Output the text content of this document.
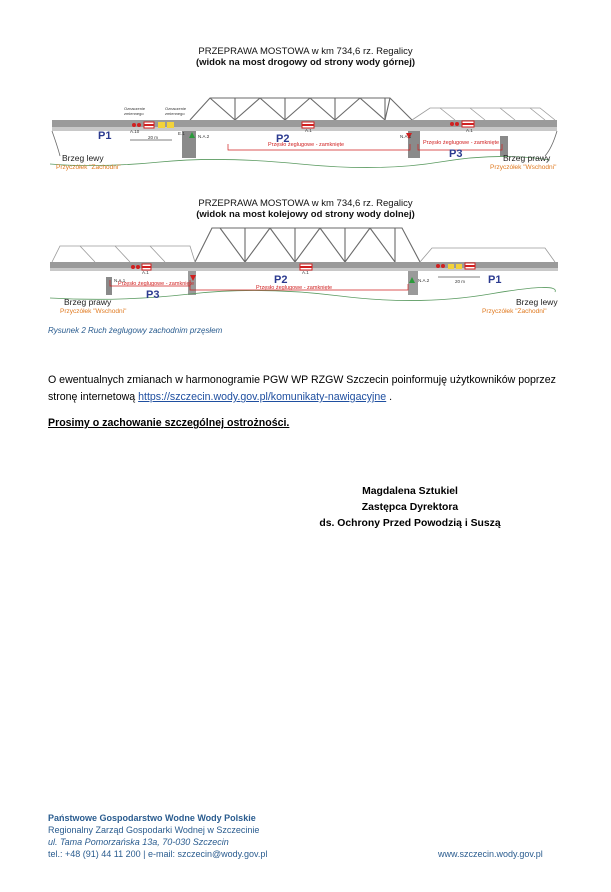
PRZEPRAWA MOSTOWA w km 734,6 rz. Regalicy
(widok na most drogowy od strony wody górnej)
P1	P2
P3
Przęsło żeglugowe - zamknięte	Przęsło żeglugowe - zamknięte
Oznaczenie zmiennego
Oznaczenie zmiennego
A.10
20 m
A.1	A.1
N.A.2	N.A.1
E.1
Brzeg lewy
Przyczółek "Zachodni"
Brzeg prawy
Przyczółek "Wschodni"
PRZEPRAWA MOSTOWA w km 734,6 rz. Regalicy
(widok na most kolejowy od strony wody dolnej)
P3
P2	P1
Przęsło żeglugowe - zamknięte
Przęsło żeglugowe - zamknięte
A.1	A.1
N.A.1	N.A.2	20 m
Brzeg prawy
Przyczółek "Wschodni"
Brzeg lewy
Przyczółek "Zachodni"
Rysunek 2 Ruch żeglugowy zachodnim przęsłem
O ewentualnych zmianach w harmonogramie PGW WP RZGW Szczecin poinformuję użytkowników poprzez
stronę internetową https://szczecin.wody.gov.pl/komunikaty-nawigacyjne .
Prosimy o zachowanie szczególnej ostrożności.
Magdalena Sztukiel
Zastępca Dyrektora
ds. Ochrony Przed Powodzią i Suszą
Państwowe Gospodarstwo Wodne Wody Polskie
Regionalny Zarząd Gospodarki Wodnej w Szczecinie
ul. Tama Pomorzańska 13a, 70-030 Szczecin
tel.: +48 (91) 44 11 200 | e-mail: szczecin@wody.gov.pl	www.szczecin.wody.gov.pl
